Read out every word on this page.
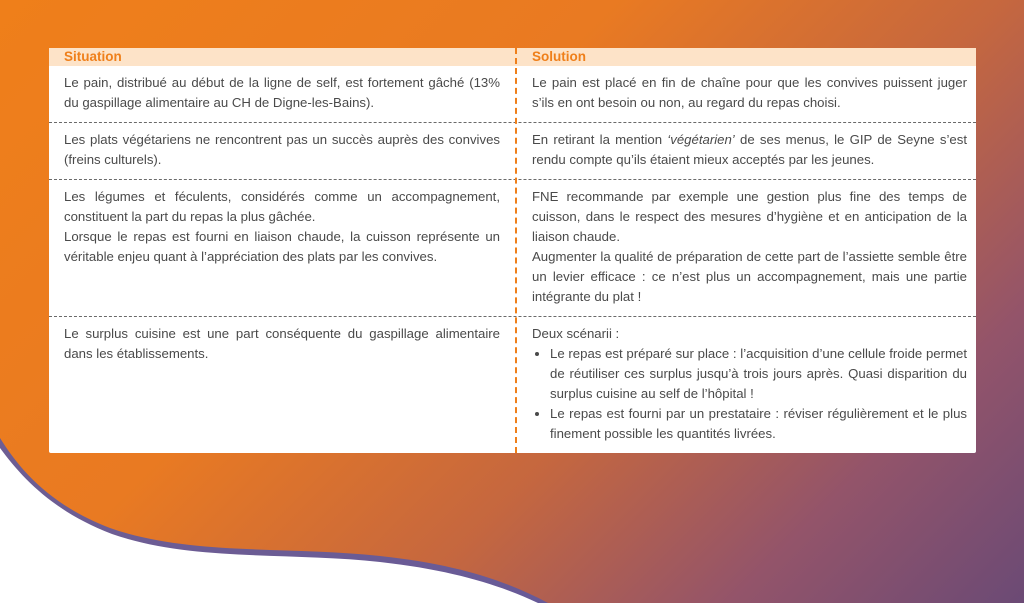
Situation	Solution
Le pain, distribué au début de la ligne de self, est fortement gâché (13% du gaspillage alimentaire au CH de Digne-les-Bains).
Le pain est placé en fin de chaîne pour que les convives puissent juger s’ils en ont besoin ou non, au regard du repas choisi.
Les plats végétariens ne rencontrent pas un succès auprès des convives (freins culturels).
En retirant la mention ‘végétarien’ de ses menus, le GIP de Seyne s’est rendu compte qu’ils étaient mieux acceptés par les jeunes.
Les légumes et féculents, considérés comme un accompagnement, constituent la part du repas la plus gâchée.
Lorsque le repas est fourni en liaison chaude, la cuisson représente un véritable enjeu quant à l’appréciation des plats par les convives.
FNE recommande par exemple une gestion plus fine des temps de cuisson, dans le respect des mesures d’hygiène et en anticipation de la liaison chaude.
Augmenter la qualité de préparation de cette part de l’assiette semble être un levier efficace : ce n’est plus un accompagnement, mais une partie intégrante du plat !
Le surplus cuisine est une part conséquente du gaspillage alimentaire dans les établissements.
Deux scénarii :
• Le repas est préparé sur place : l’acquisition d’une cellule froide permet de réutiliser ces surplus jusqu’à trois jours après. Quasi disparition du surplus cuisine au self de l’hôpital !
• Le repas est fourni par un prestataire : réviser régulièrement et le plus finement possible les quantités livrées.
